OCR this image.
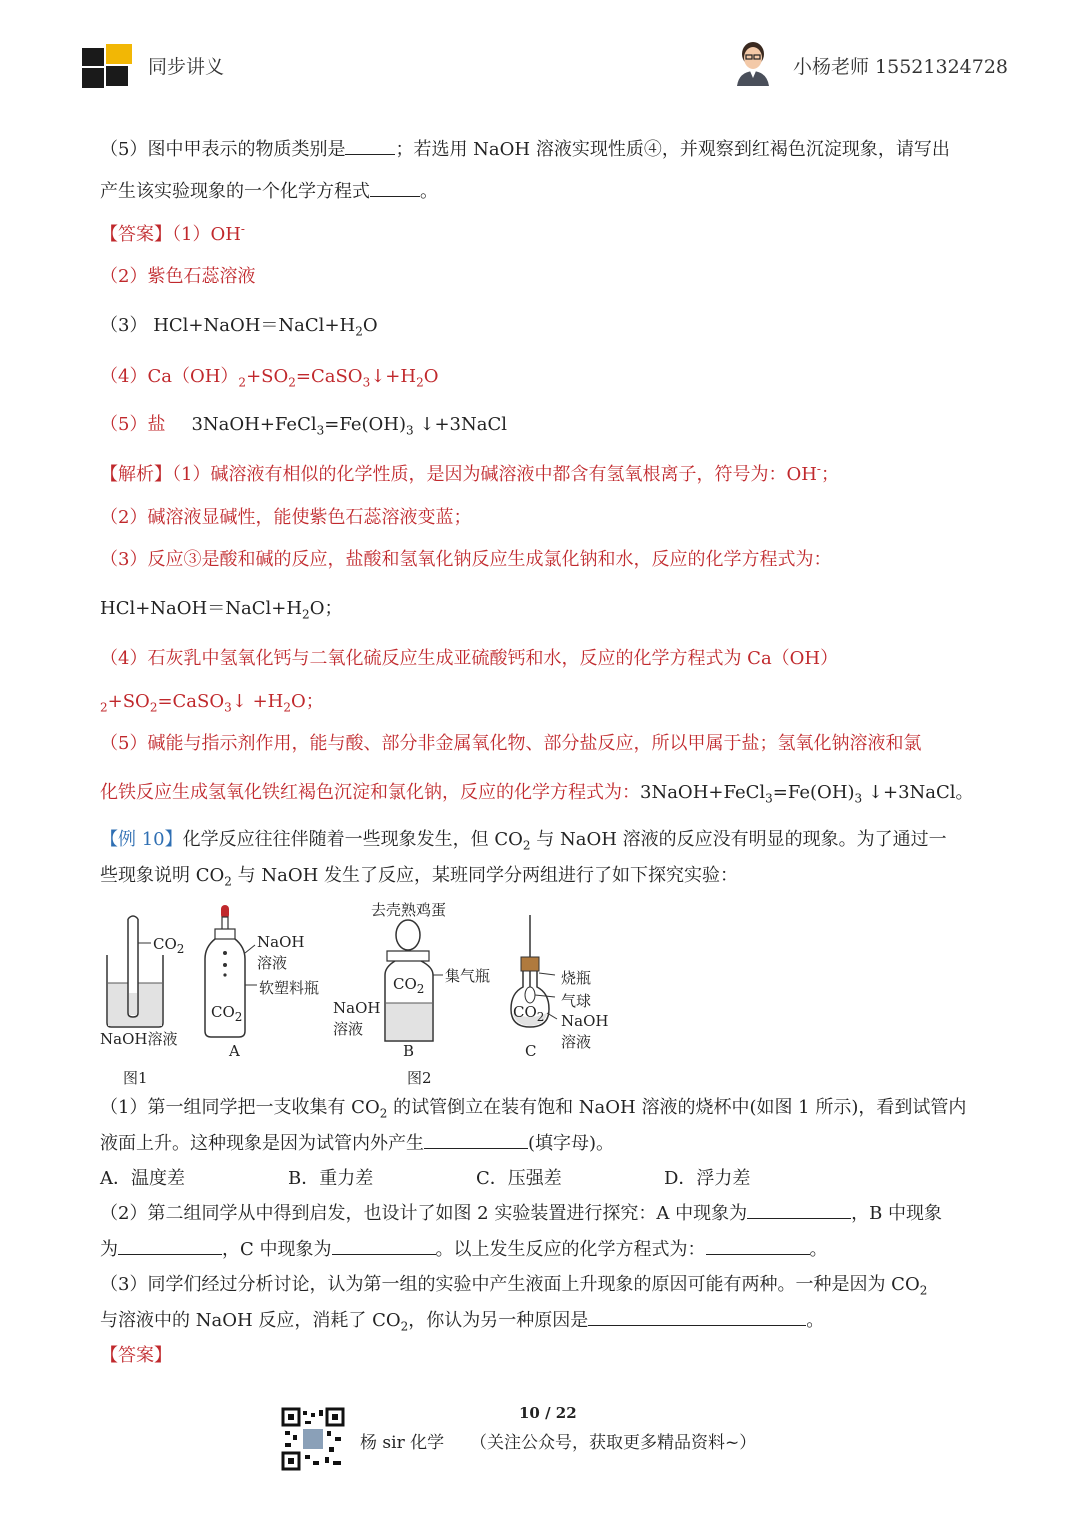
同步讲义	小杨老师 15521324728
（5）图中甲表示的物质类别是	；若选用 NaOH 溶液实现性质④，并观察到红褐色沉淀现象，请写出
产生该实验现象的一个化学方程式	。
【答案】（1）OH-
（2）紫色石蕊溶液
（3） $HCl+NaOH=NaCl+H_2O$
$(4)Ca(OH)_2+SO_2=CaSO_3↓+H_2O$
（5）盐 $3NaOH+FeCl_3=Fe(OH)_3$ ↓+3NaCl
【解析】（1）碱溶液有相似的化学性质，是因为碱溶液中都含有氢氧根离子，符号为：OH-；
（2）碱溶液显碱性，能使紫色石蕊溶液变蓝；
（3）反应③是酸和碱的反应，盐酸和氢氧化钠反应生成氯化钠和水，反应的化学方程式为：
$HCl+NaOH=NaCl+H_2O$；
（4）石灰乳中氢氧化钙与二氧化硫反应生成亚硫酸钙和水，反应的化学方程式为 Ca（OH）
$_2+SO_2=CaSO_3↓ +H_2O$；
（5）碱能与指示剂作用，能与酸、部分非金属氧化物、部分盐反应，所以甲属于盐；氢氧化钠溶液和氯
化铁反应生成氢氧化铁红褐色沉淀和氯化钠，反应的化学方程式为：$3NaOH+FeCl_3=Fe(OH)_3$ ↓+3NaCl。
【例 10】化学反应往往伴随着一些现象发生，但 $CO_2$ 与 NaOH 溶液的反应没有明显的现象。为了通过一
些现象说明 $CO_2$ 与 NaOH 发生了反应，某班同学分两组进行了如下探究实验：
$CO_2$
NaOH溶液
图1
NaOH
溶液
软塑料瓶
$CO_2$
A
去壳熟鸡蛋
集气瓶
$CO_2$
NaOH
溶液
B
图2
烧瓶
气球
NaOH
溶液
$CO_2$
C
（1）第一组同学把一支收集有 $CO_2$ 的试管倒立在装有饱和 NaOH 溶液的烧杯中(如图 1 所示)，看到试管内
液面上升。这种现象是因为试管内外产生	(填字母)。
A．温度差	B．重力差	C．压强差	D．浮力差
（2）第二组同学从中得到启发，也设计了如图 2 实验装置进行探究：A 中现象为	，B 中现象
为	，C 中现象为	。以上发生反应的化学方程式为：	。
（3）同学们经过分析讨论，认为第一组的实验中产生液面上升现象的原因可能有两种。一种是因为 $CO_2$
与溶液中的 NaOH 反应，消耗了 $CO_2$，你认为另一种原因是	。
【答案】
10 / 22
杨 sir 化学 （关注公众号，获取更多精品资料~）
